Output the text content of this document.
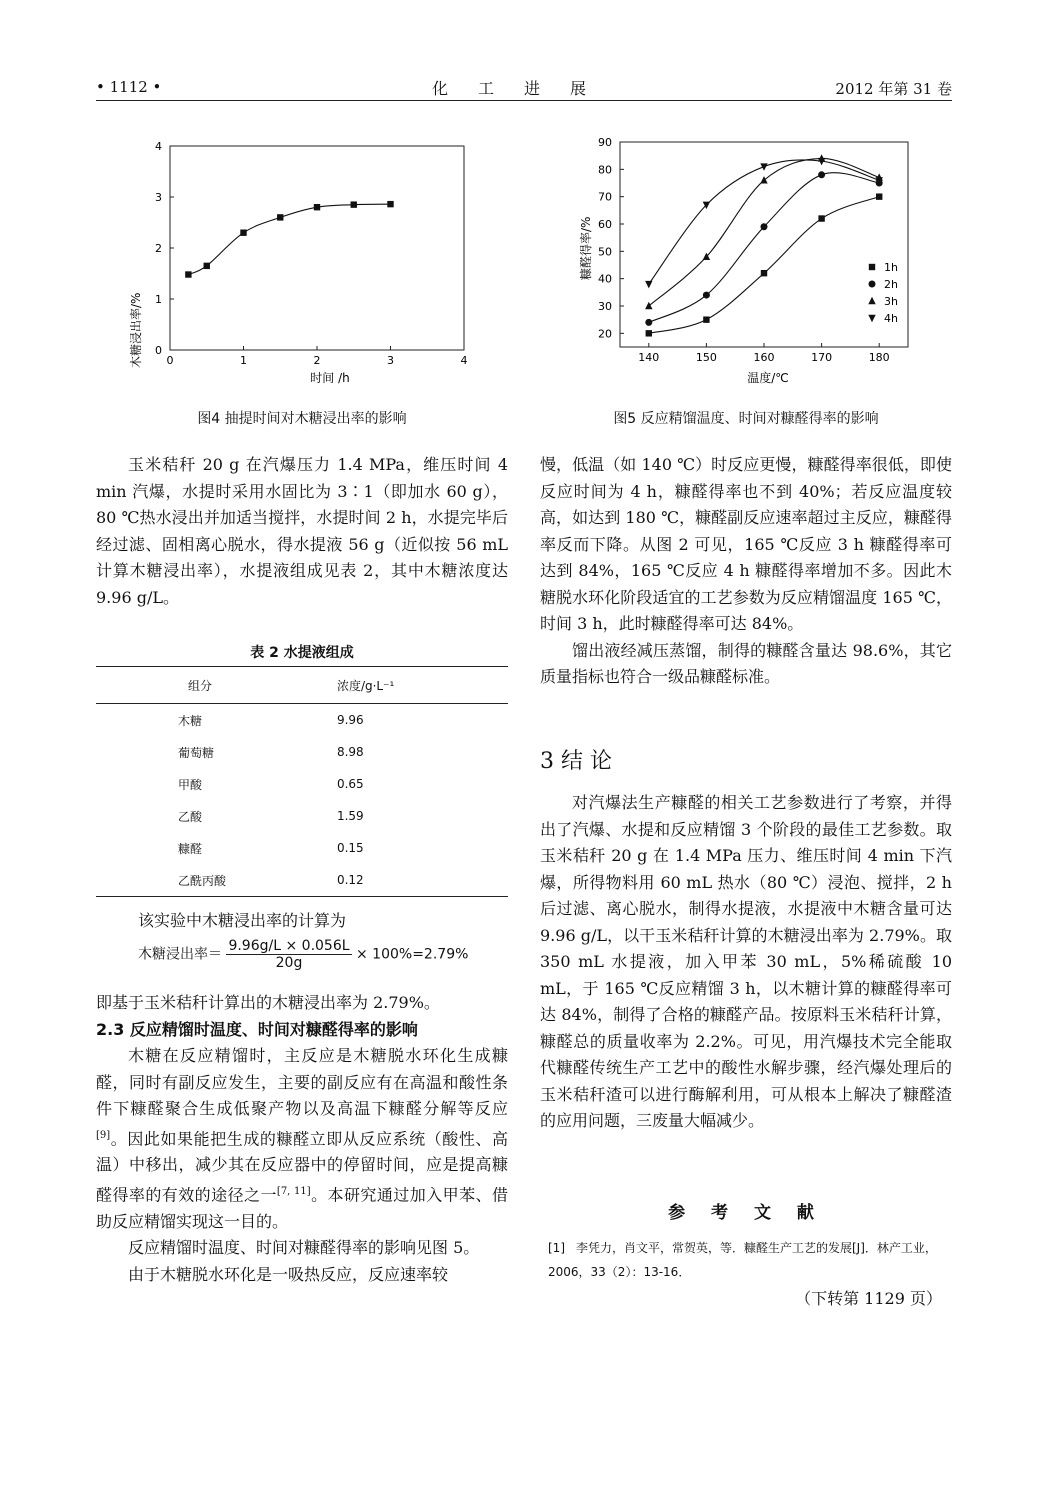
• 1112 •	化工进展	2012 年第 31 卷
木糖浸出率/%
时间 /h
0	1	2	3	4
0
1
2
3
4
图4 抽提时间对木糖浸出率的影响
糠醛得率/%
温度/℃
140	150	160	170	180
20
30
40
50
60
70
80
90
1h
2h
3h
4h
图5 反应精馏温度、时间对糠醛得率的影响

玉米秸秆 20 g 在汽爆压力 1.4 MPa，维压时间 4 min 汽爆，水提时采用水固比为 3∶1（即加水 60 g），80 ℃热水浸出并加适当搅拌，水提时间 2 h，水提完毕后经过滤、固相离心脱水，得水提液 56 g（近似按 56 mL 计算木糖浸出率），水提液组成见表 2，其中木糖浓度达 9.96 g/L。

表 2 水提液组成
组分	浓度/g·L⁻¹
木糖	9.96
葡萄糖	8.98
甲酸	0.65
乙酸	1.59
糠醛	0.15
乙酰丙酸	0.12
该实验中木糖浸出率的计算为
木糖浸出率＝ $\frac{9.96g/L \times 0.056L}{20g} \times 100\%=2.79\%$

即基于玉米秸秆计算出的木糖浸出率为 2.79%。

2.3 反应精馏时温度、时间对糠醛得率的影响

木糖在反应精馏时，主反应是木糖脱水环化生成糠醛，同时有副反应发生，主要的副反应有在高温和酸性条件下糠醛聚合生成低聚产物以及高温下糠醛分解等反应[9]。因此如果能把生成的糠醛立即从反应系统（酸性、高温）中移出，减少其在反应器中的停留时间，应是提高糠醛得率的有效的途径之一[7, 11]。本研究通过加入甲苯、借助反应精馏实现这一目的。

反应精馏时温度、时间对糠醛得率的影响见图 5。

由于木糖脱水环化是一吸热反应，反应速率较

慢，低温（如 140 ℃）时反应更慢，糠醛得率很低，即使反应时间为 4 h，糠醛得率也不到 40%；若反应温度较高，如达到 180 ℃，糠醛副反应速率超过主反应，糠醛得率反而下降。从图 2 可见，165 ℃反应 3 h 糠醛得率可达到 84%，165 ℃反应 4 h 糠醛得率增加不多。因此木糖脱水环化阶段适宜的工艺参数为反应精馏温度 165 ℃，时间 3 h，此时糠醛得率可达 84%。

馏出液经减压蒸馏，制得的糠醛含量达 98.6%，其它质量指标也符合一级品糠醛标准。

3 结 论

对汽爆法生产糠醛的相关工艺参数进行了考察，并得出了汽爆、水提和反应精馏 3 个阶段的最佳工艺参数。取玉米秸秆 20 g 在 1.4 MPa 压力、维压时间 4 min 下汽爆，所得物料用 60 mL 热水（80 ℃）浸泡、搅拌，2 h 后过滤、离心脱水，制得水提液，水提液中木糖含量可达 9.96 g/L，以干玉米秸秆计算的木糖浸出率为 2.79%。取 350 mL 水提液，加入甲苯 30 mL，5%稀硫酸 10 mL，于 165 ℃反应精馏 3 h，以木糖计算的糠醛得率可达 84%，制得了合格的糠醛产品。按原料玉米秸秆计算，糠醛总的质量收率为 2.2%。可见，用汽爆技术完全能取代糠醛传统生产工艺中的酸性水解步骤，经汽爆处理后的玉米秸秆渣可以进行酶解利用，可从根本上解决了糠醛渣的应用问题，三废量大幅减少。

参 考 文 献
[1] 李凭力，肖文平，常贺英，等．糠醛生产工艺的发展[J]．林产工业，2006，33（2）：13-16．
（下转第 1129 页）
